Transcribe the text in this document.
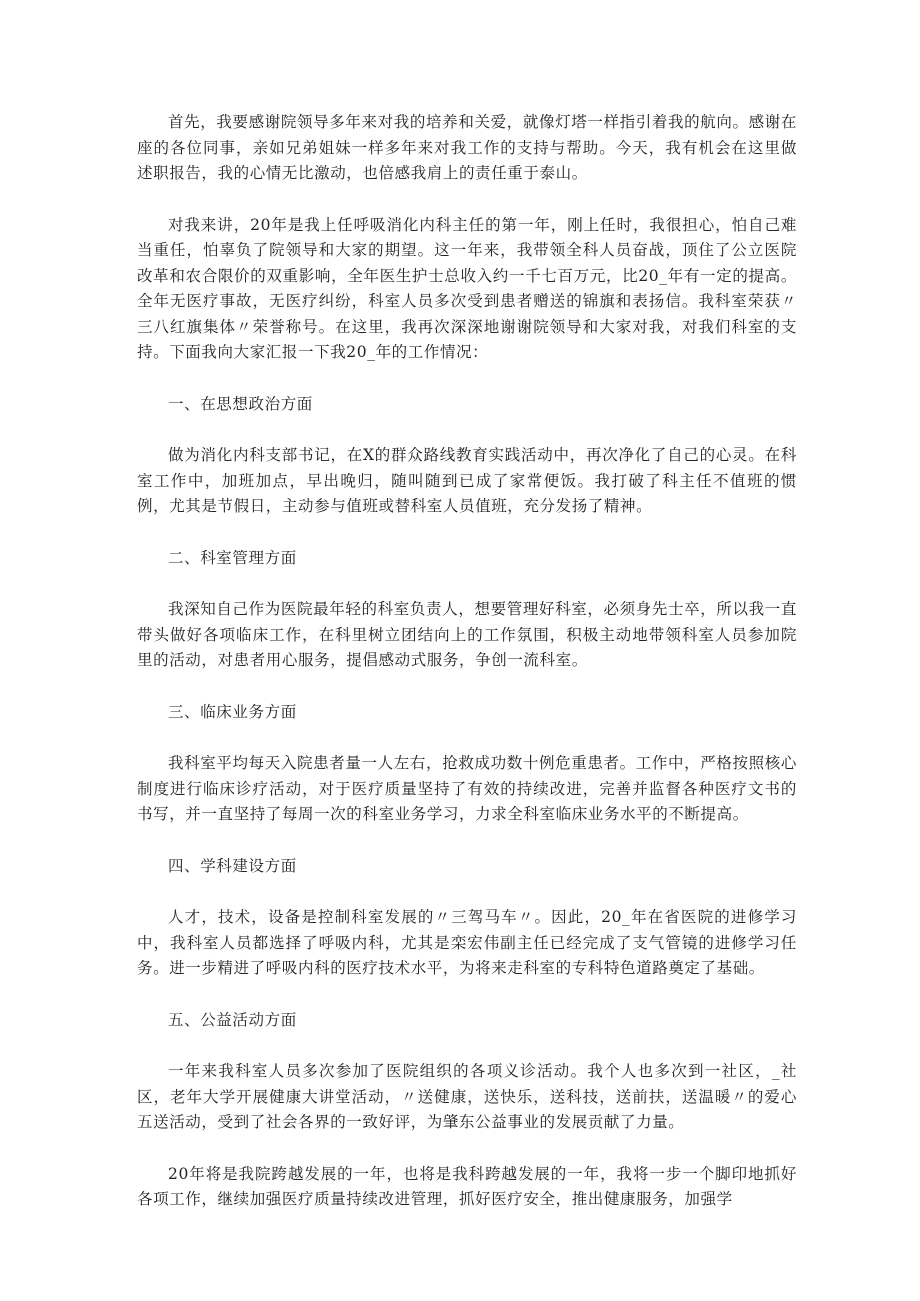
首先，我要感谢院领导多年来对我的培养和关爱，就像灯塔一样指引着我的航向。感谢在座的各位同事，亲如兄弟姐妹一样多年来对我工作的支持与帮助。今天，我有机会在这里做述职报告，我的心情无比激动，也倍感我肩上的责任重于泰山。

对我来讲，20年是我上任呼吸消化内科主任的第一年，刚上任时，我很担心，怕自己难当重任，怕辜负了院领导和大家的期望。这一年来，我带领全科人员奋战，顶住了公立医院改革和农合限价的双重影响，全年医生护士总收入约一千七百万元，比20_年有一定的提高。全年无医疗事故，无医疗纠纷，科室人员多次受到患者赠送的锦旗和表扬信。我科室荣获〃三八红旗集体〃荣誉称号。在这里，我再次深深地谢谢院领导和大家对我，对我们科室的支持。下面我向大家汇报一下我20_年的工作情况：

一、在思想政治方面

做为消化内科支部书记，在X的群众路线教育实践活动中，再次净化了自己的心灵。在科室工作中，加班加点，早出晚归，随叫随到已成了家常便饭。我打破了科主任不值班的惯例，尤其是节假日，主动参与值班或替科室人员值班，充分发扬了精神。

二、科室管理方面

我深知自己作为医院最年轻的科室负责人，想要管理好科室，必须身先士卒，所以我一直带头做好各项临床工作，在科里树立团结向上的工作氛围，积极主动地带领科室人员参加院里的活动，对患者用心服务，提倡感动式服务，争创一流科室。

三、临床业务方面

我科室平均每天入院患者量一人左右，抢救成功数十例危重患者。工作中，严格按照核心制度进行临床诊疗活动，对于医疗质量坚持了有效的持续改进，完善并监督各种医疗文书的书写，并一直坚持了每周一次的科室业务学习，力求全科室临床业务水平的不断提高。

四、学科建设方面

人才，技术，设备是控制科室发展的〃三驾马车〃。因此，20_年在省医院的进修学习中，我科室人员都选择了呼吸内科，尤其是栾宏伟副主任已经完成了支气管镜的进修学习任务。进一步精进了呼吸内科的医疗技术水平，为将来走科室的专科特色道路奠定了基础。

五、公益活动方面

一年来我科室人员多次参加了医院组织的各项义诊活动。我个人也多次到一社区，_社区，老年大学开展健康大讲堂活动，〃送健康，送快乐，送科技，送前扶，送温暖〃的爱心五送活动，受到了社会各界的一致好评，为肇东公益事业的发展贡献了力量。

20年将是我院跨越发展的一年，也将是我科跨越发展的一年，我将一步一个脚印地抓好各项工作，继续加强医疗质量持续改进管理，抓好医疗安全，推出健康服务，加强学
